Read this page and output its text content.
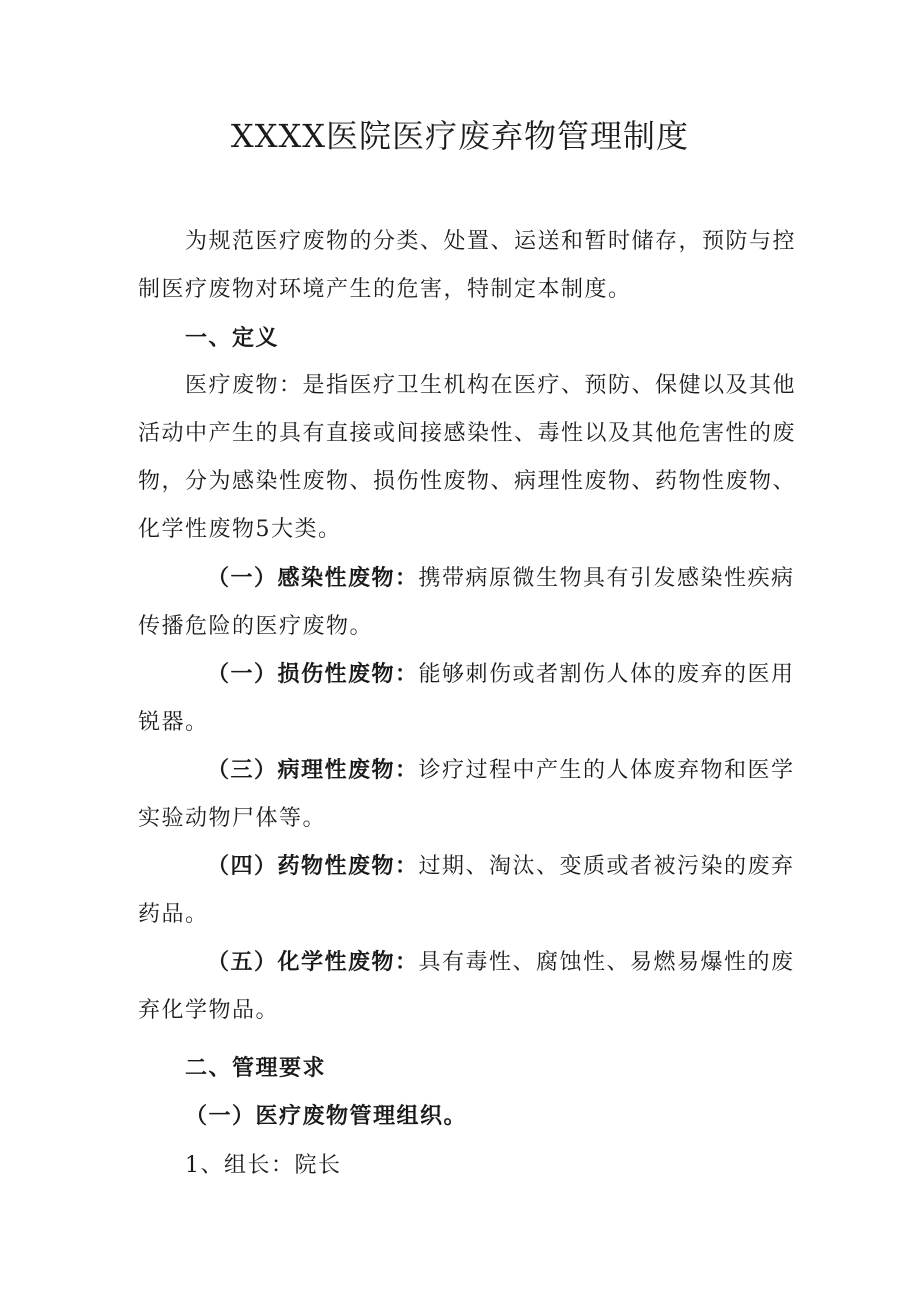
XXXX医院医疗废弃物管理制度

为规范医疗废物的分类、处置、运送和暂时储存，预防与控制医疗废物对环境产生的危害，特制定本制度。

一、定义

医疗废物：是指医疗卫生机构在医疗、预防、保健以及其他活动中产生的具有直接或间接感染性、毒性以及其他危害性的废物，分为感染性废物、损伤性废物、病理性废物、药物性废物、化学性废物5大类。

（一）感染性废物：携带病原微生物具有引发感染性疾病传播危险的医疗废物。

（一）损伤性废物：能够刺伤或者割伤人体的废弃的医用锐器。

（三）病理性废物：诊疗过程中产生的人体废弃物和医学实验动物尸体等。

（四）药物性废物：过期、淘汰、变质或者被污染的废弃药品。

（五）化学性废物：具有毒性、腐蚀性、易燃易爆性的废弃化学物品。

二、管理要求

（一）医疗废物管理组织。

1、组长：院长
